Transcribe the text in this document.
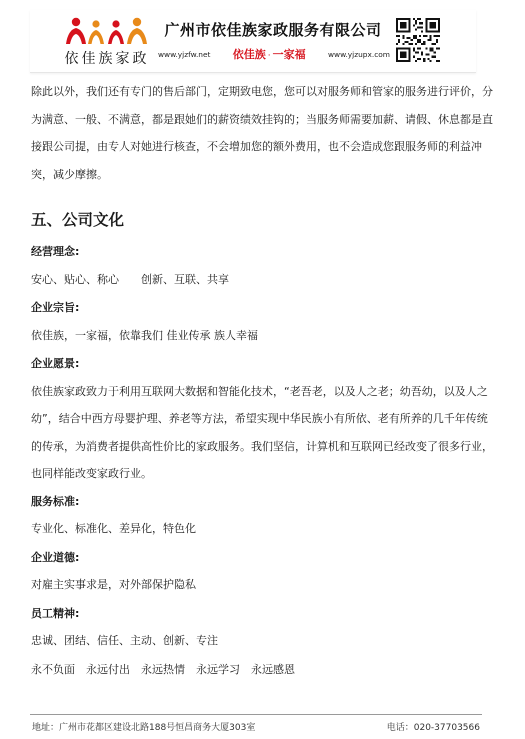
依佳族家政
广州市依佳族家政服务有限公司
www.yjzfw.net 依佳族 · 一家福	www.yjzupx.com

除此以外，我们还有专门的售后部门，定期致电您，您可以对服务师和管家的服务进行评价，分为满意、一般、不满意，都是跟她们的薪资绩效挂钩的；当服务师需要加薪、请假、休息都是直接跟公司提，由专人对她进行核查，不会增加您的额外费用，也不会造成您跟服务师的利益冲突，减少摩擦。

五、公司文化

经营理念:

安心、贴心、称心　　创新、互联、共享

企业宗旨:

依佳族，一家福，依靠我们 佳业传承 族人幸福

企业愿景:

依佳族家政致力于利用互联网大数据和智能化技术，“老吾老，以及人之老；幼吾幼，以及人之幼”，结合中西方母婴护理、养老等方法，希望实现中华民族小有所依、老有所养的几千年传统的传承，为消费者提供高性价比的家政服务。我们坚信，计算机和互联网已经改变了很多行业，也同样能改变家政行业。

服务标准:

专业化、标准化、差异化，特色化

企业道德:

对雇主实事求是，对外部保护隐私

员工精神:

忠诚、团结、信任、主动、创新、专注

永不负面　永远付出　永远热情　永远学习　永远感恩

地址：广州市花都区建设北路188号恒昌商务大厦303室	电话：020-37703566
